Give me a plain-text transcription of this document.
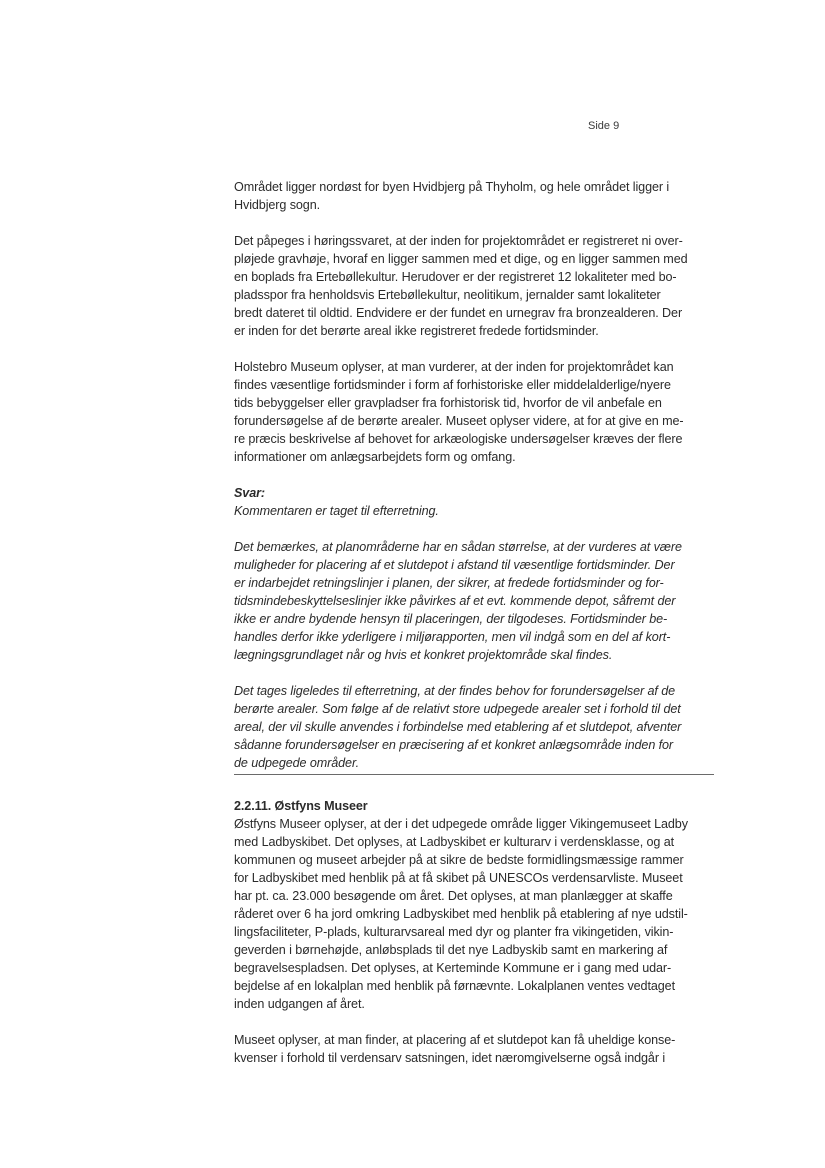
Side 9

Området ligger nordøst for byen Hvidbjerg på Thyholm, og hele området ligger i
Hvidbjerg sogn.

Det påpeges i høringssvaret, at der inden for projektområdet er registreret ni over-
pløjede gravhøje, hvoraf en ligger sammen med et dige, og en ligger sammen med
en boplads fra Ertebøllekultur. Herudover er der registreret 12 lokaliteter med bo-
pladsspor fra henholdsvis Ertebøllekultur, neolitikum, jernalder samt lokaliteter
bredt dateret til oldtid. Endvidere er der fundet en urnegrav fra bronzealderen. Der
er inden for det berørte areal ikke registreret fredede fortidsminder.

Holstebro Museum oplyser, at man vurderer, at der inden for projektområdet kan
findes væsentlige fortidsminder i form af forhistoriske eller middelalderlige/nyere
tids bebyggelser eller gravpladser fra forhistorisk tid, hvorfor de vil anbefale en
forundersøgelse af de berørte arealer. Museet oplyser videre, at for at give en me-
re præcis beskrivelse af behovet for arkæologiske undersøgelser kræves der flere
informationer om anlægsarbejdets form og omfang.

Svar:
Kommentaren er taget til efterretning.

Det bemærkes, at planområderne har en sådan størrelse, at der vurderes at være
muligheder for placering af et slutdepot i afstand til væsentlige fortidsminder. Der
er indarbejdet retningslinjer i planen, der sikrer, at fredede fortidsminder og for-
tidsmindebeskyttelseslinjer ikke påvirkes af et evt. kommende depot, såfremt der
ikke er andre bydende hensyn til placeringen, der tilgodeses. Fortidsminder be-
handles derfor ikke yderligere i miljørapporten, men vil indgå som en del af kort-
lægningsgrundlaget når og hvis et konkret projektområde skal findes.

Det tages ligeledes til efterretning, at der findes behov for forundersøgelser af de
berørte arealer. Som følge af de relativt store udpegede arealer set i forhold til det
areal, der vil skulle anvendes i forbindelse med etablering af et slutdepot, afventer
sådanne forundersøgelser en præcisering af et konkret anlægsområde inden for
de udpegede områder.

2.2.11. Østfyns Museer
Østfyns Museer oplyser, at der i det udpegede område ligger Vikingemuseet Ladby
med Ladbyskibet. Det oplyses, at Ladbyskibet er kulturarv i verdensklasse, og at
kommunen og museet arbejder på at sikre de bedste formidlingsmæssige rammer
for Ladbyskibet med henblik på at få skibet på UNESCOs verdensarvliste. Museet
har pt. ca. 23.000 besøgende om året. Det oplyses, at man planlægger at skaffe
råderet over 6 ha jord omkring Ladbyskibet med henblik på etablering af nye udstil-
lingsfaciliteter, P-plads, kulturarvsareal med dyr og planter fra vikingetiden, vikin-
geverden i børnehøjde, anløbsplads til det nye Ladbyskib samt en markering af
begravelsespladsen. Det oplyses, at Kerteminde Kommune er i gang med udar-
bejdelse af en lokalplan med henblik på førnævnte. Lokalplanen ventes vedtaget
inden udgangen af året.

Museet oplyser, at man finder, at placering af et slutdepot kan få uheldige konse-
kvenser i forhold til verdensarv satsningen, idet næromgivelserne også indgår i
